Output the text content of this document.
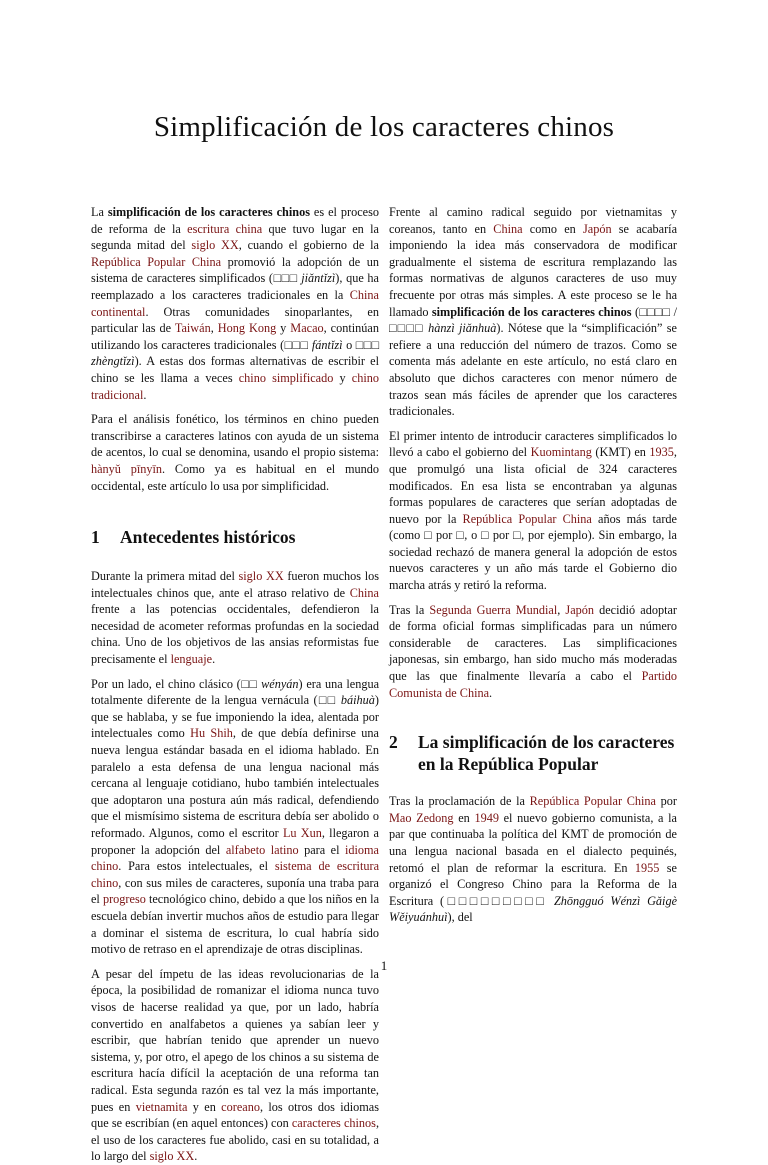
Simplificación de los caracteres chinos

La simplificación de los caracteres chinos es el proceso de reforma de la escritura china que tuvo lugar en la segunda mitad del siglo XX, cuando el gobierno de la República Popular China promovió la adopción de un sistema de caracteres simplificados (□□□ jiǎntǐzì), que ha reemplazado a los caracteres tradicionales en la China continental. Otras comunidades sinoparlantes, en particular las de Taiwán, Hong Kong y Macao, continúan utilizando los caracteres tradicionales (□□□ fántǐzì o □□□ zhèngtǐzì). A estas dos formas alternativas de escribir el chino se les llama a veces chino simplificado y chino tradicional.

Para el análisis fonético, los términos en chino pueden transcribirse a caracteres latinos con ayuda de un sistema de acentos, lo cual se denomina, usando el propio sistema: hànyǔ pīnyīn. Como ya es habitual en el mundo occidental, este artículo lo usa por simplificidad.

1	Antecedentes históricos

Durante la primera mitad del siglo XX fueron muchos los intelectuales chinos que, ante el atraso relativo de China frente a las potencias occidentales, defendieron la necesidad de acometer reformas profundas en la sociedad china. Uno de los objetivos de las ansias reformistas fue precisamente el lenguaje.

Por un lado, el chino clásico (□□ wényán) era una lengua totalmente diferente de la lengua vernácula (□□ báihuà) que se hablaba, y se fue imponiendo la idea, alentada por intelectuales como Hu Shih, de que debía definirse una nueva lengua estándar basada en el idioma hablado. En paralelo a esta defensa de una lengua nacional más cercana al lenguaje cotidiano, hubo también intelectuales que adoptaron una postura aún más radical, defendiendo que el mismísimo sistema de escritura debía ser abolido o reformado. Algunos, como el escritor Lu Xun, llegaron a proponer la adopción del alfabeto latino para el idioma chino. Para estos intelectuales, el sistema de escritura chino, con sus miles de caracteres, suponía una traba para el progreso tecnológico chino, debido a que los niños en la escuela debían invertir muchos años de estudio para llegar a dominar el sistema de escritura, lo cual habría sido motivo de retraso en el aprendizaje de otras disciplinas.

A pesar del ímpetu de las ideas revolucionarias de la época, la posibilidad de romanizar el idioma nunca tuvo visos de hacerse realidad ya que, por un lado, habría convertido en analfabetos a quienes ya sabían leer y escribir, que habrían tenido que aprender un nuevo sistema, y, por otro, el apego de los chinos a su sistema de escritura hacía difícil la aceptación de una reforma tan radical. Esta segunda razón es tal vez la más importante, pues en vietnamita y en coreano, los otros dos idiomas que se escribían (en aquel entonces) con caracteres chinos, el uso de los caracteres fue abolido, casi en su totalidad, a lo largo del siglo XX.

Frente al camino radical seguido por vietnamitas y coreanos, tanto en China como en Japón se acabaría imponiendo la idea más conservadora de modificar gradualmente el sistema de escritura remplazando las formas normativas de algunos caracteres de uso muy frecuente por otras más simples. A este proceso se le ha llamado simplificación de los caracteres chinos (□□□□ /□□□□ hànzì jiǎnhuà). Nótese que la “simplificación” se refiere a una reducción del número de trazos. Como se comenta más adelante en este artículo, no está claro en absoluto que dichos caracteres con menor número de trazos sean más fáciles de aprender que los caracteres tradicionales.

El primer intento de introducir caracteres simplificados lo llevó a cabo el gobierno del Kuomintang (KMT) en 1935, que promulgó una lista oficial de 324 caracteres modificados. En esa lista se encontraban ya algunas formas populares de caracteres que serían adoptadas de nuevo por la República Popular China años más tarde (como □ por □, o □ por □, por ejemplo). Sin embargo, la sociedad rechazó de manera general la adopción de estos nuevos caracteres y un año más tarde el Gobierno dio marcha atrás y retiró la reforma.

Tras la Segunda Guerra Mundial, Japón decidió adoptar de forma oficial formas simplificadas para un número considerable de caracteres. Las simplificaciones japonesas, sin embargo, han sido mucho más moderadas que las que finalmente llevaría a cabo el Partido Comunista de China.

2	La simplificación de los caracteres en la República Popular

Tras la proclamación de la República Popular China por Mao Zedong en 1949 el nuevo gobierno comunista, a la par que continuaba la política del KMT de promoción de una lengua nacional basada en el dialecto pequinés, retomó el plan de reformar la escritura. En 1955 se organizó el Congreso Chino para la Reforma de la Escritura (□□□□□□□□□ Zhōngguó Wénzì Gǎigè Wěiyuánhuì), del

1
